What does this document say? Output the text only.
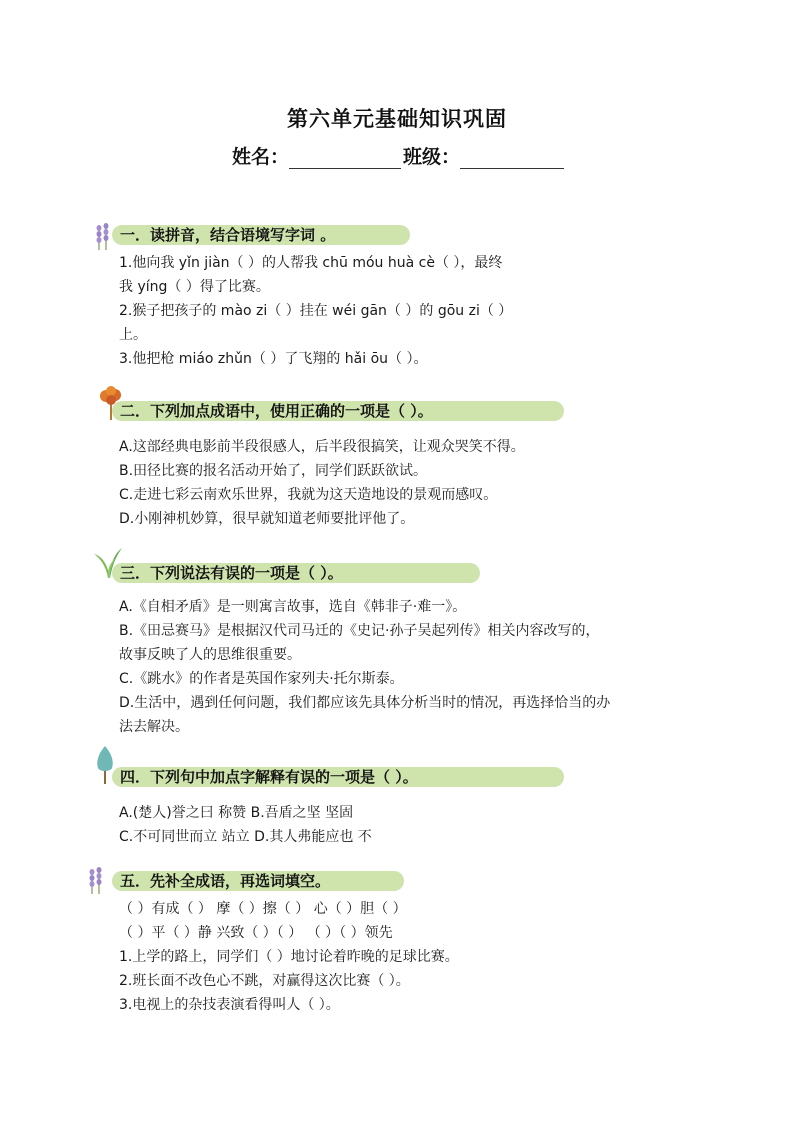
第六单元基础知识巩固
姓名：	班级：
一．读拼音，结合语境写字词 。
1.他向我 yǐn jiàn（ ）的人帮我 chū móu huà cè（ ），最终
我 yíng（ ）得了比赛。
2.猴子把孩子的 mào zi（ ）挂在 wéi gān（ ）的 gōu zi（ ）
上。
3.他把枪 miáo zhǔn（ ）了飞翔的 hǎi ōu（ ）。
二．下列加点成语中，使用正确的一项是（ ）。
A.这部经典电影前半段很感人，后半段很搞笑，让观众哭笑不得。
B.田径比赛的报名活动开始了，同学们跃跃欲试。
C.走进七彩云南欢乐世界，我就为这天造地设的景观而感叹。
D.小刚神机妙算，很早就知道老师要批评他了。
三．下列说法有误的一项是（ ）。
A.《自相矛盾》是一则寓言故事，选自《韩非子·难一》。
B.《田忌赛马》是根据汉代司马迁的《史记·孙子吴起列传》相关内容改写的，
故事反映了人的思维很重要。
C.《跳水》的作者是英国作家列夫·托尔斯泰。
D.生活中，遇到任何问题，我们都应该先具体分析当时的情况，再选择恰当的办
法去解决。
四．下列句中加点字解释有误的一项是（ ）。
A.(楚人)誉之曰 称赞 B.吾盾之坚 坚固
C.不可同世而立 站立 D.其人弗能应也 不
五．先补全成语，再选词填空。
（ ）有成（ ） 摩（ ）擦（ ） 心（ ）胆（ ）
（ ）平（ ）静 兴致（ ）（ ） （ ）（ ）领先
1.上学的路上，同学们（ ）地讨论着昨晚的足球比赛。
2.班长面不改色心不跳，对赢得这次比赛（ ）。
3.电视上的杂技表演看得叫人（ ）。
